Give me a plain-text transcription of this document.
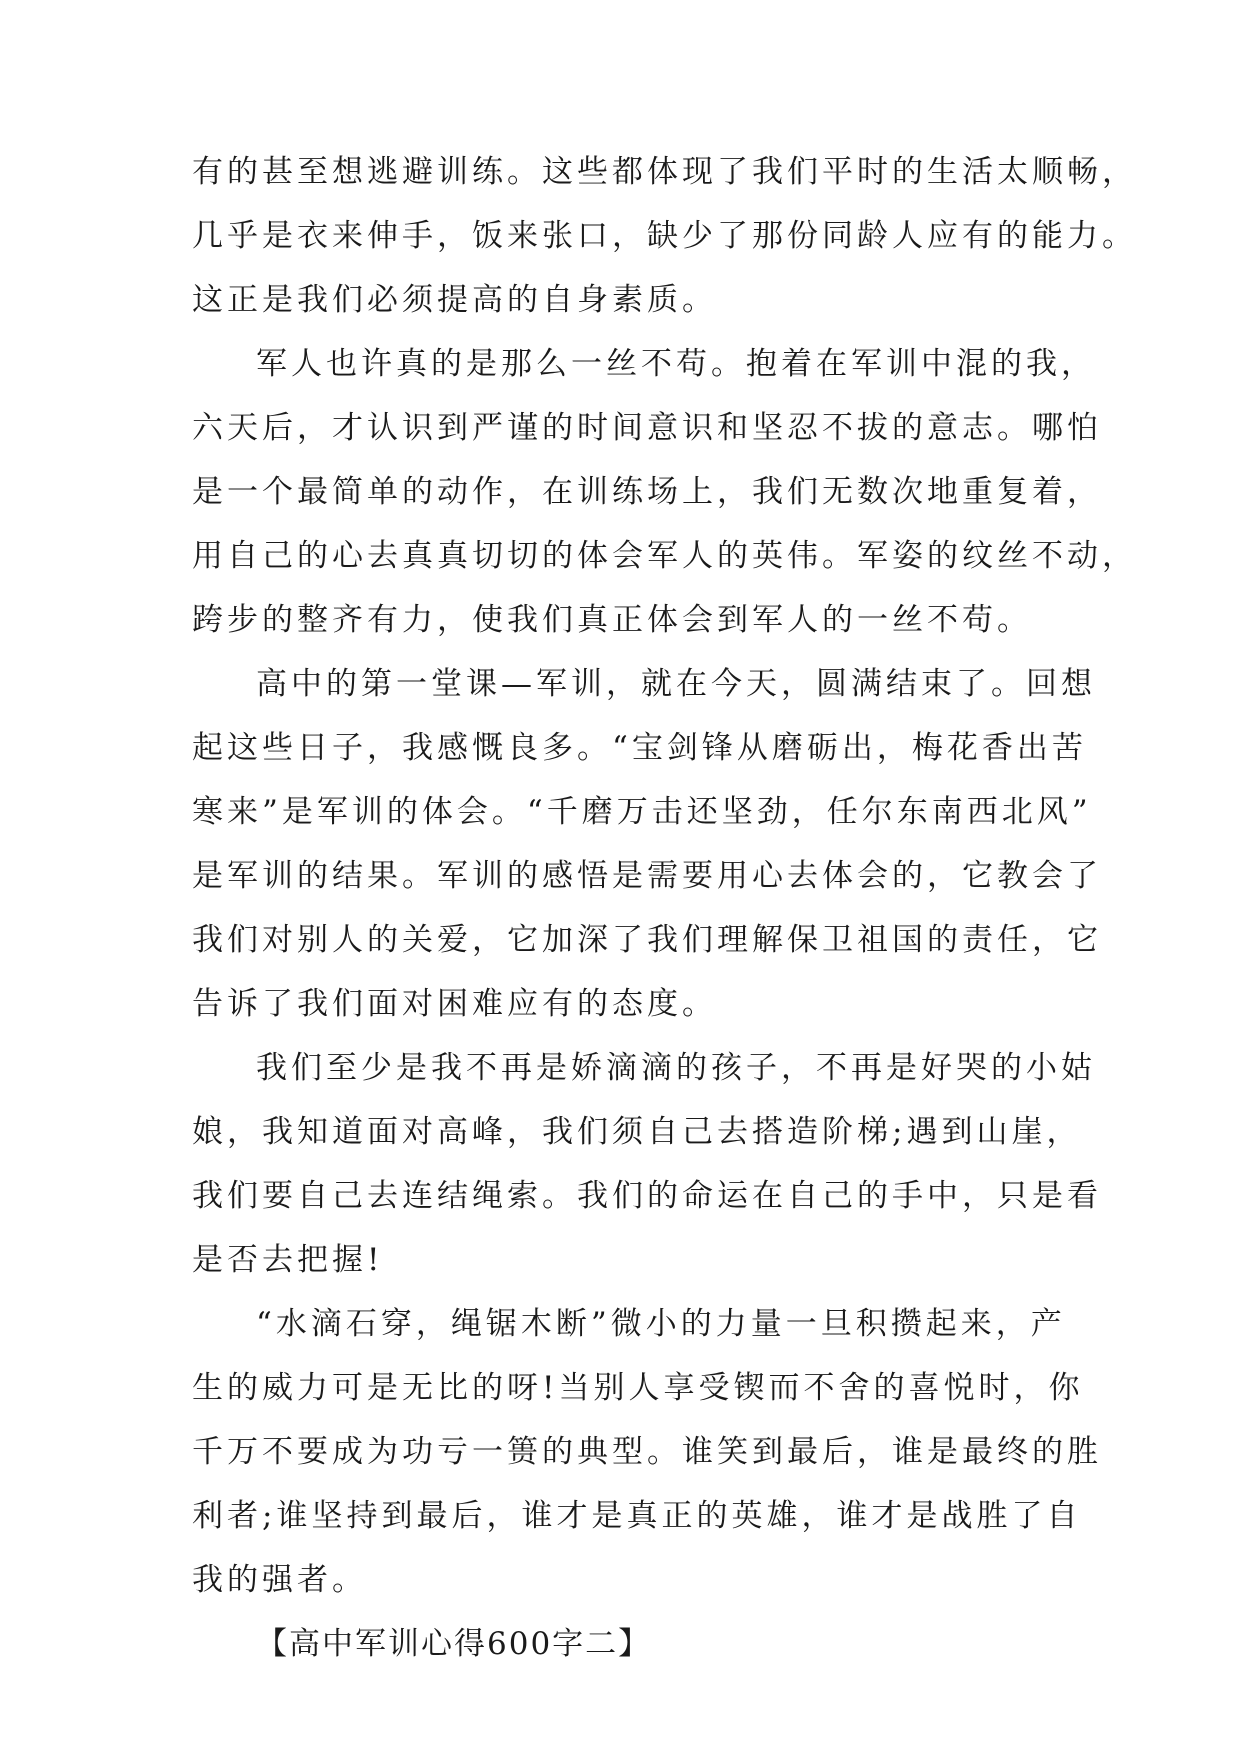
有的甚至想逃避训练。这些都体现了我们平时的生活太顺畅，
几乎是衣来伸手，饭来张口，缺少了那份同龄人应有的能力。
这正是我们必须提高的自身素质。
军人也许真的是那么一丝不苟。抱着在军训中混的我，
六天后，才认识到严谨的时间意识和坚忍不拔的意志。哪怕
是一个最简单的动作，在训练场上，我们无数次地重复着，
用自己的心去真真切切的体会军人的英伟。军姿的纹丝不动，
跨步的整齐有力，使我们真正体会到军人的一丝不苟。
高中的第一堂课—军训，就在今天，圆满结束了。回想
起这些日子，我感慨良多。“宝剑锋从磨砺出，梅花香出苦
寒来”是军训的体会。“千磨万击还坚劲，任尔东南西北风”
是军训的结果。军训的感悟是需要用心去体会的，它教会了
我们对别人的关爱，它加深了我们理解保卫祖国的责任，它
告诉了我们面对困难应有的态度。
我们至少是我不再是娇滴滴的孩子，不再是好哭的小姑
娘，我知道面对高峰，我们须自己去搭造阶梯;遇到山崖，
我们要自己去连结绳索。我们的命运在自己的手中，只是看
是否去把握!
“水滴石穿，绳锯木断”微小的力量一旦积攒起来，产
生的威力可是无比的呀!当别人享受锲而不舍的喜悦时，你
千万不要成为功亏一篑的典型。谁笑到最后，谁是最终的胜
利者;谁坚持到最后，谁才是真正的英雄，谁才是战胜了自
我的强者。
【高中军训心得600字二】
